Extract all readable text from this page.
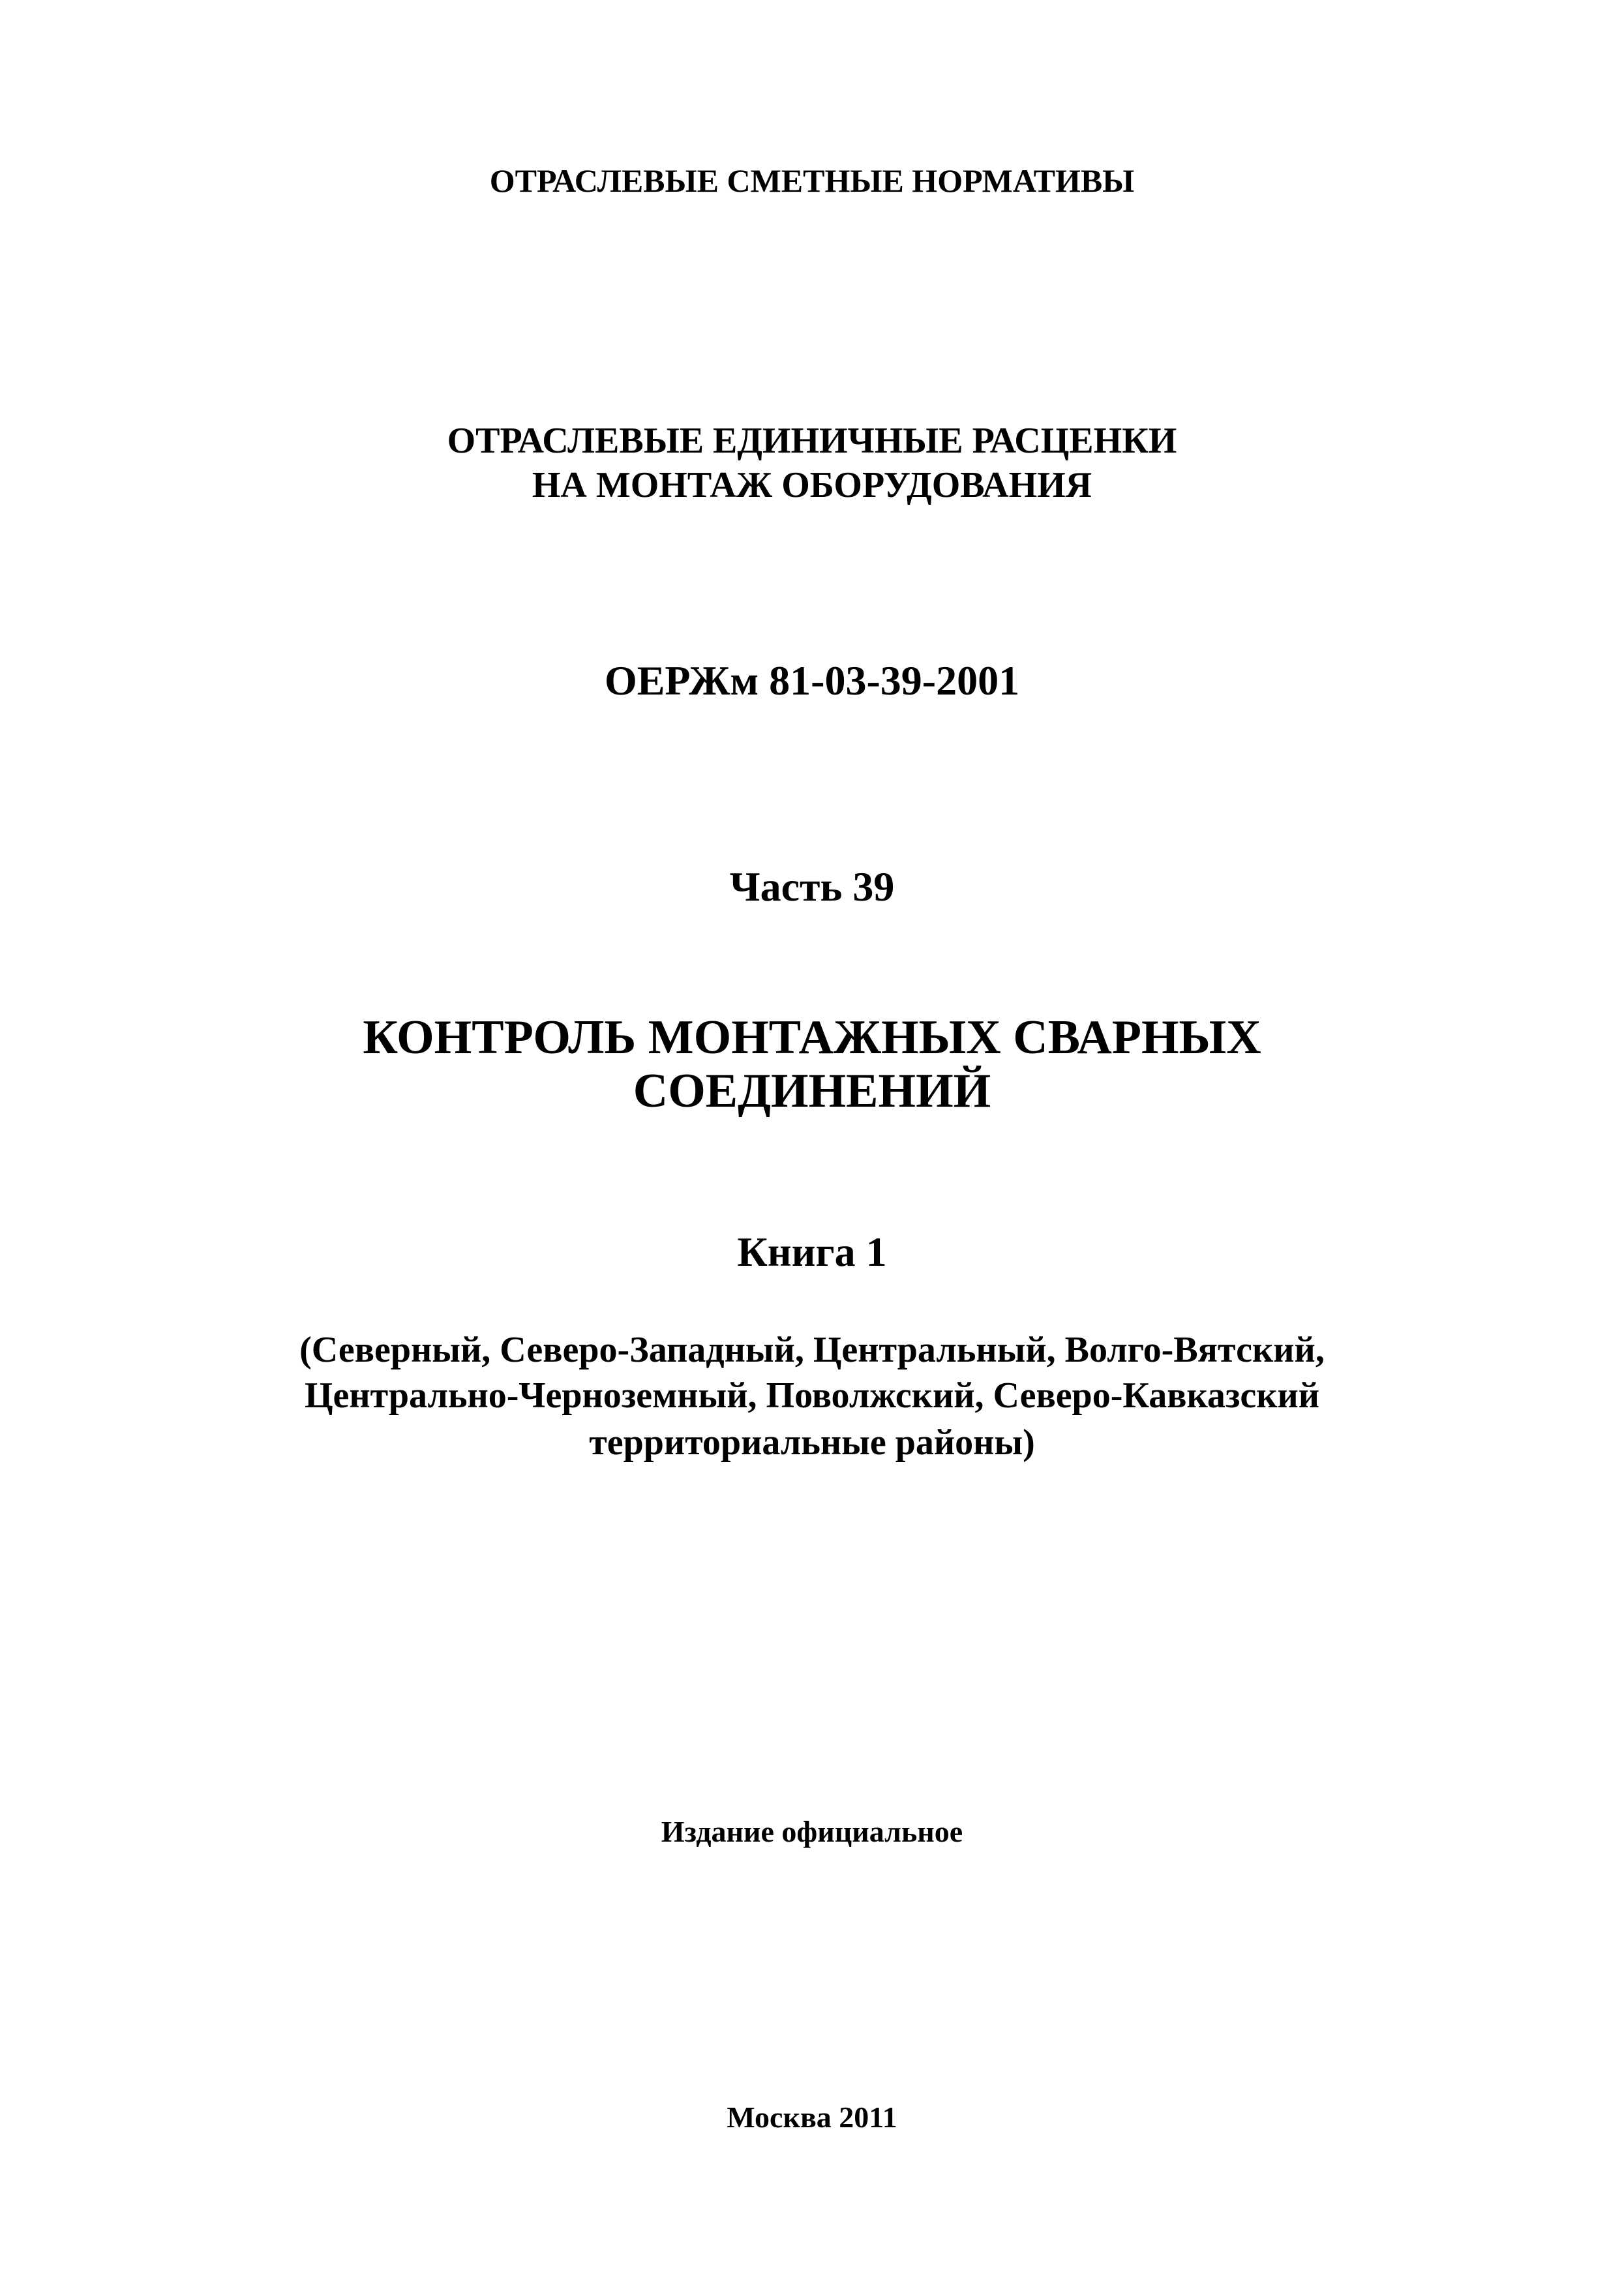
ОТРАСЛЕВЫЕ СМЕТНЫЕ НОРМАТИВЫ
ОТРАСЛЕВЫЕ ЕДИНИЧНЫЕ РАСЦЕНКИ
НА МОНТАЖ ОБОРУДОВАНИЯ
ОЕРЖм 81-03-39-2001
Часть 39
КОНТРОЛЬ МОНТАЖНЫХ СВАРНЫХ
СОЕДИНЕНИЙ
Книга 1
(Северный, Северо-Западный, Центральный, Волго-Вятский,
Центрально-Черноземный, Поволжский, Северо-Кавказский
территориальные районы)
Издание официальное
Москва 2011
